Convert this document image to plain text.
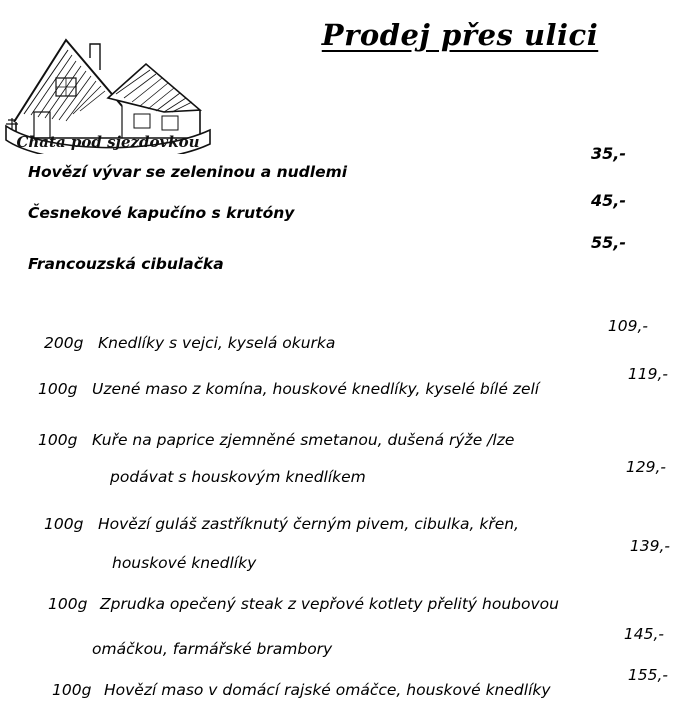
Chata pod sjezdovkou
Prodej přes ulici
Hovězí vývar se zeleninou a nudlemi
35,-
Česnekové kapučíno s krutóny
45,-
Francouzská cibulačka
55,-
200g Knedlíky s vejci, kyselá okurka
109,-
100g Uzené maso z komína, houskové knedlíky, kyselé bílé zelí
119,-
100g Kuře na paprice zjemněné smetanou, dušená rýže /lze
podávat s houskovým knedlíkem
129,-
100g Hovězí guláš zastříknutý černým pivem, cibulka, křen,
houskové knedlíky
139,-
100g Zprudka opečený steak z vepřové kotlety přelitý houbovou
omáčkou, farmářské brambory
145,-
100g Hovězí maso v domácí rajské omáčce, houskové knedlíky
155,-
